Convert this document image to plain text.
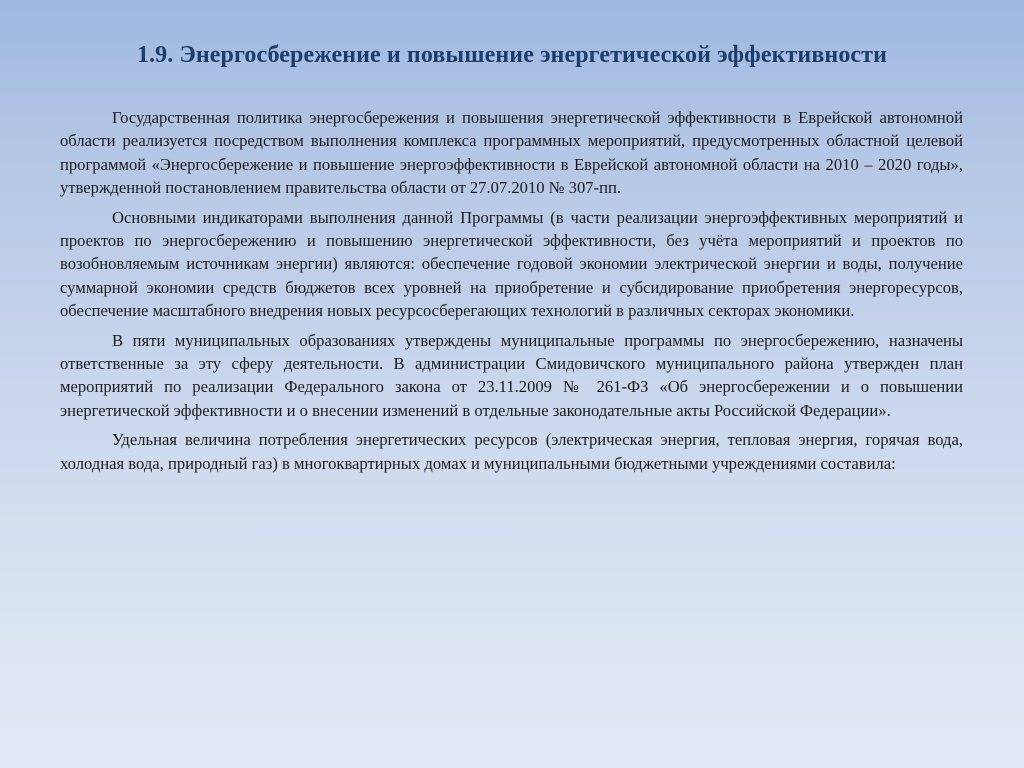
1.9. Энергосбережение и повышение энергетической эффективности

Государственная политика энергосбережения и повышения энергетической эффективности в Еврейской автономной области реализуется посредством выполнения комплекса программных мероприятий, предусмотренных областной целевой программой «Энергосбережение и повышение энергоэффективности в Еврейской автономной области на 2010 – 2020 годы», утвержденной постановлением правительства области от 27.07.2010 № 307-пп.

Основными индикаторами выполнения данной Программы (в части реализации энергоэффективных мероприятий и проектов по энергосбережению и повышению энергетической эффективности, без учёта мероприятий и проектов по возобновляемым источникам энергии) являются: обеспечение годовой экономии электрической энергии и воды, получение суммарной экономии средств бюджетов всех уровней на приобретение и субсидирование приобретения энергоресурсов, обеспечение масштабного внедрения новых ресурсосберегающих технологий в различных секторах экономики.

В пяти муниципальных образованиях утверждены муниципальные программы по энергосбережению, назначены ответственные за эту сферу деятельности. В администрации Смидовичского муниципального района утвержден план мероприятий по реализации Федерального закона от 23.11.2009 № 261-ФЗ «Об энергосбережении и о повышении энергетической эффективности и о внесении изменений в отдельные законодательные акты Российской Федерации».

Удельная величина потребления энергетических ресурсов (электрическая энергия, тепловая энергия, горячая вода, холодная вода, природный газ) в многоквартирных домах и муниципальными бюджетными учреждениями составила:
